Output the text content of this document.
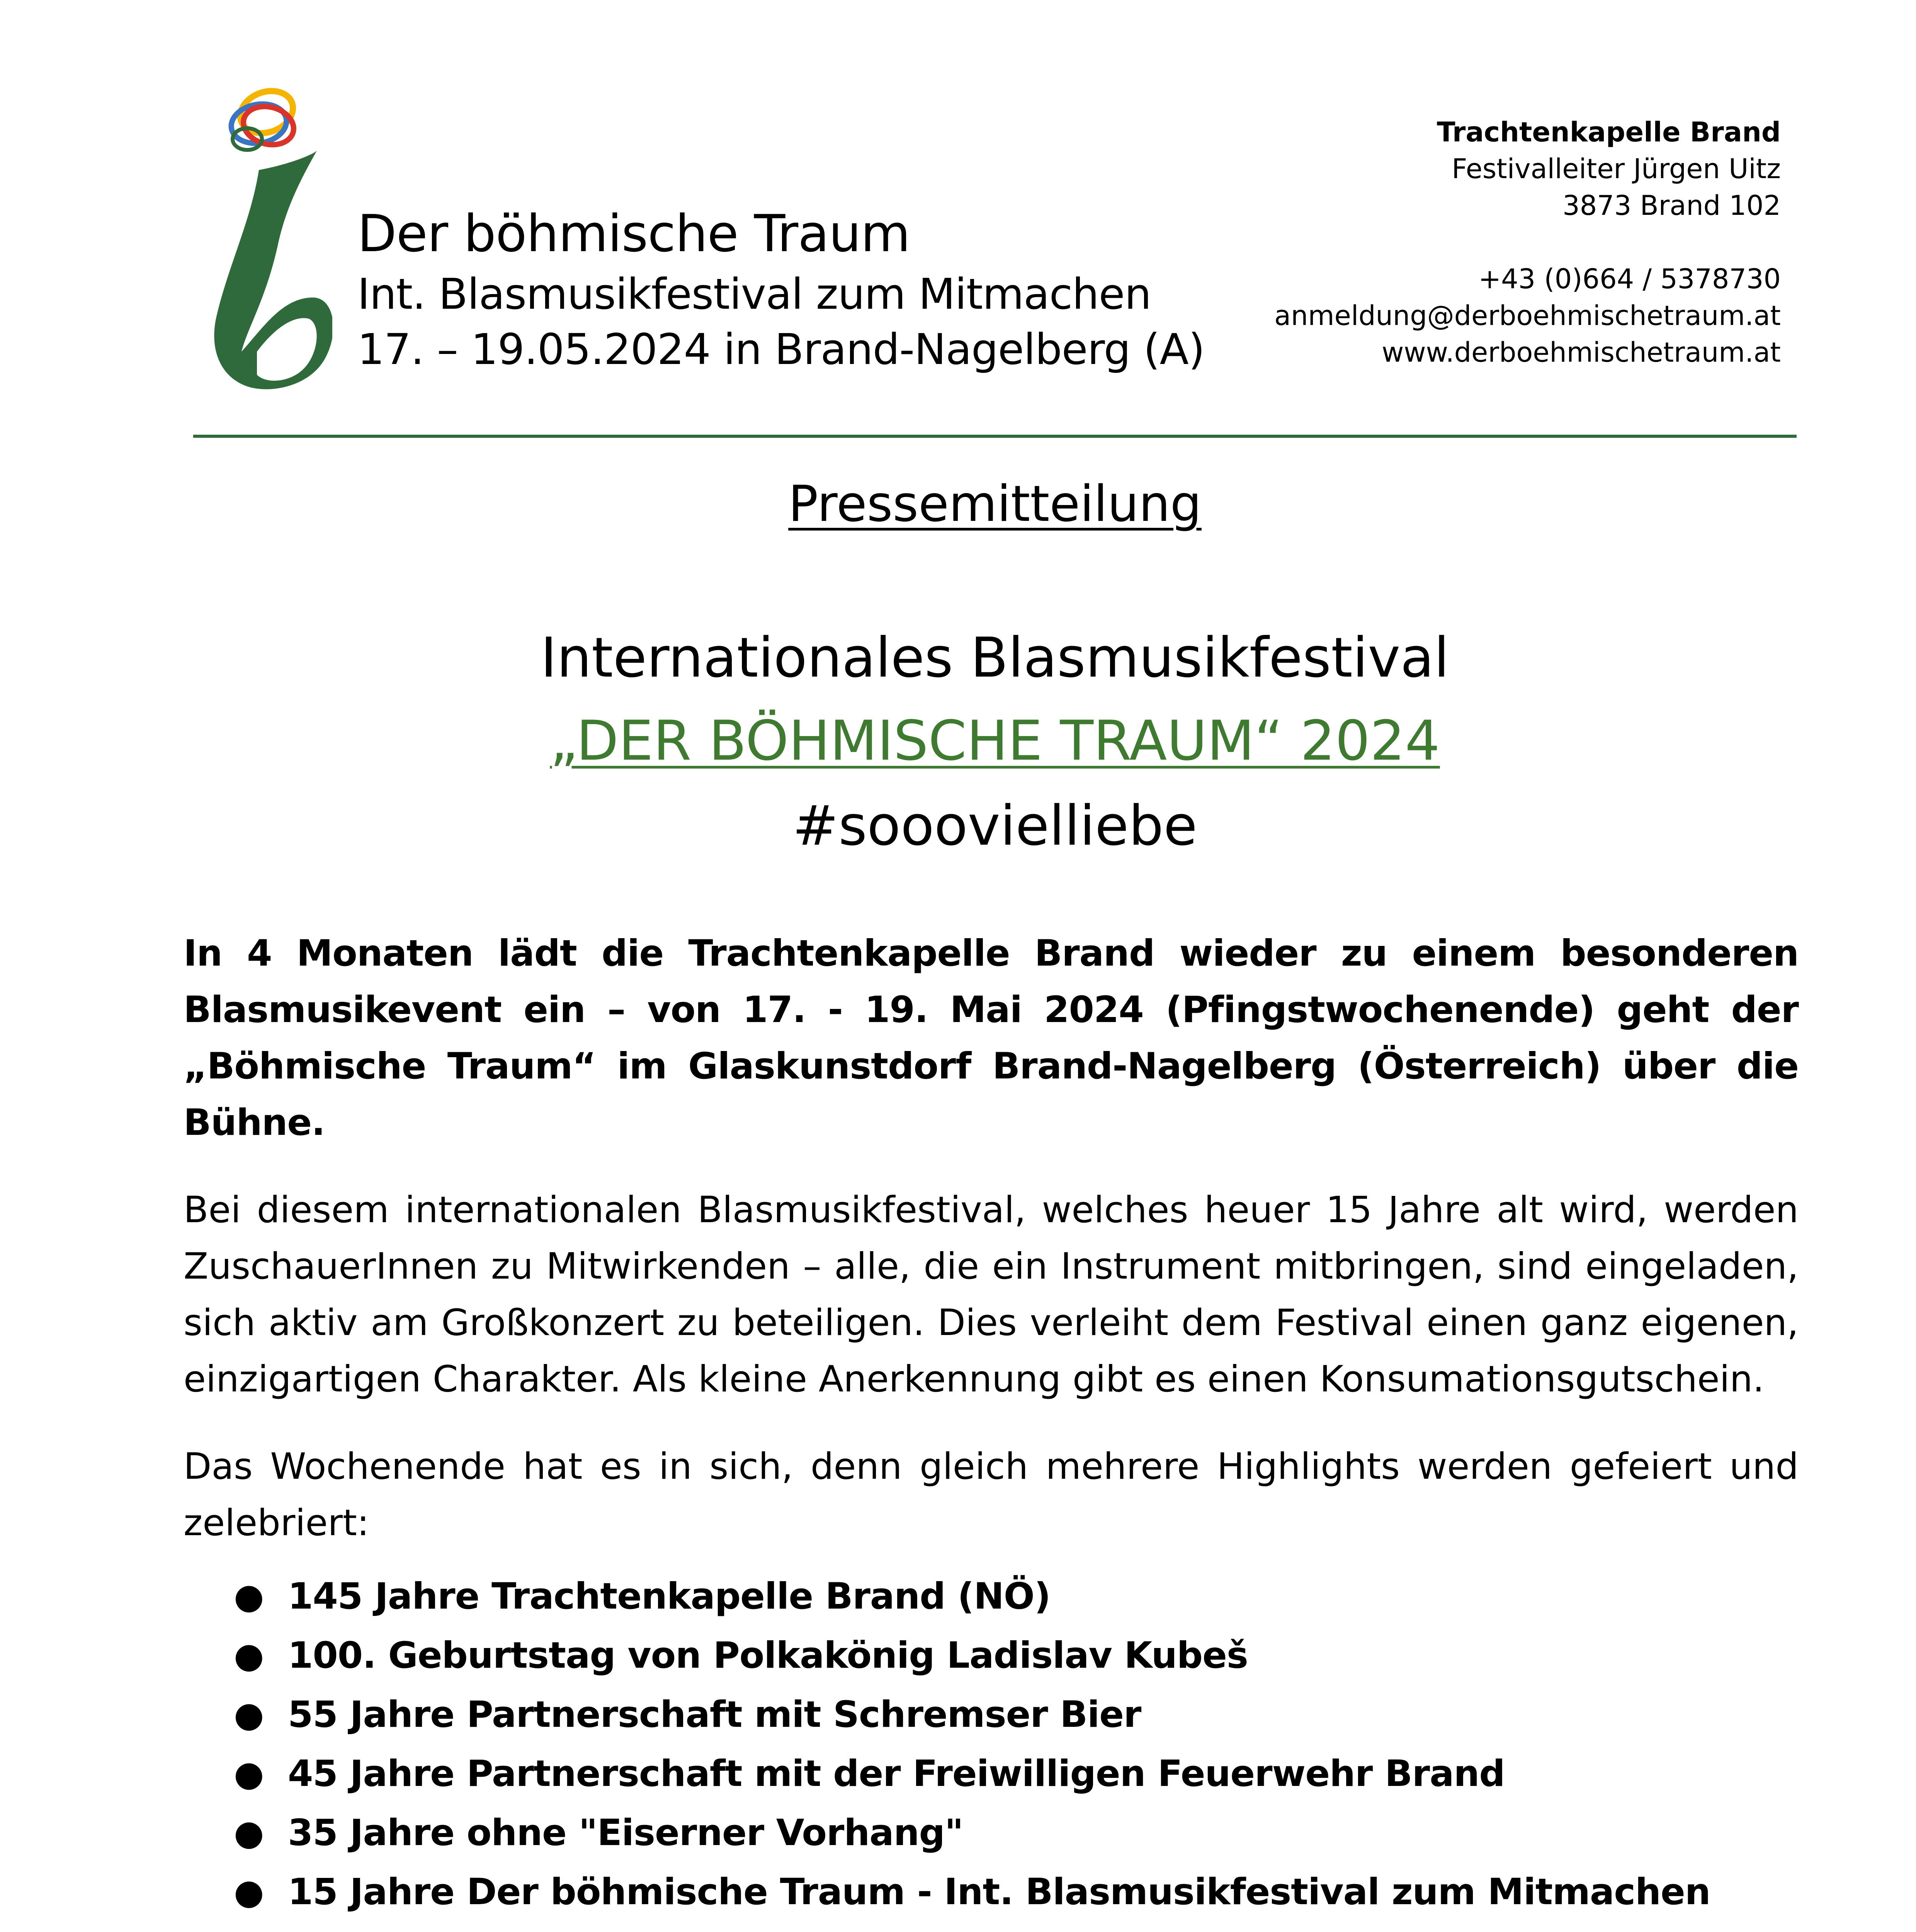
Der böhmische Traum
Int. Blasmusikfestival zum Mitmachen
17. – 19.05.2024 in Brand-Nagelberg (A)
Trachtenkapelle Brand
Festivalleiter Jürgen Uitz
3873 Brand 102
+43 (0)664 / 5378730
anmeldung@derboehmischetraum.at
www.derboehmischetraum.at
Pressemitteilung
Internationales Blasmusikfestival
„DER BÖHMISCHE TRAUM“ 2024
#sooovielliebe

In 4 Monaten lädt die Trachtenkapelle Brand wieder zu einem besonderen Blasmusikevent ein – von 17. - 19. Mai 2024 (Pfingstwochenende) geht der „Böhmische Traum“ im Glaskunstdorf Brand-Nagelberg (Österreich) über die Bühne.

Bei diesem internationalen Blasmusikfestival, welches heuer 15 Jahre alt wird, werden ZuschauerInnen zu Mitwirkenden – alle, die ein Instrument mitbringen, sind eingeladen, sich aktiv am Großkonzert zu beteiligen. Dies verleiht dem Festival einen ganz eigenen, einzigartigen Charakter. Als kleine Anerkennung gibt es einen Konsumationsgutschein.

Das Wochenende hat es in sich, denn gleich mehrere Highlights werden gefeiert und zelebriert:

● 145 Jahre Trachtenkapelle Brand (NÖ)
● 100. Geburtstag von Polkakönig Ladislav Kubeš
● 55 Jahre Partnerschaft mit Schremser Bier
● 45 Jahre Partnerschaft mit der Freiwilligen Feuerwehr Brand
● 35 Jahre ohne "Eiserner Vorhang"
● 15 Jahre Der böhmische Traum - Int. Blasmusikfestival zum Mitmachen
